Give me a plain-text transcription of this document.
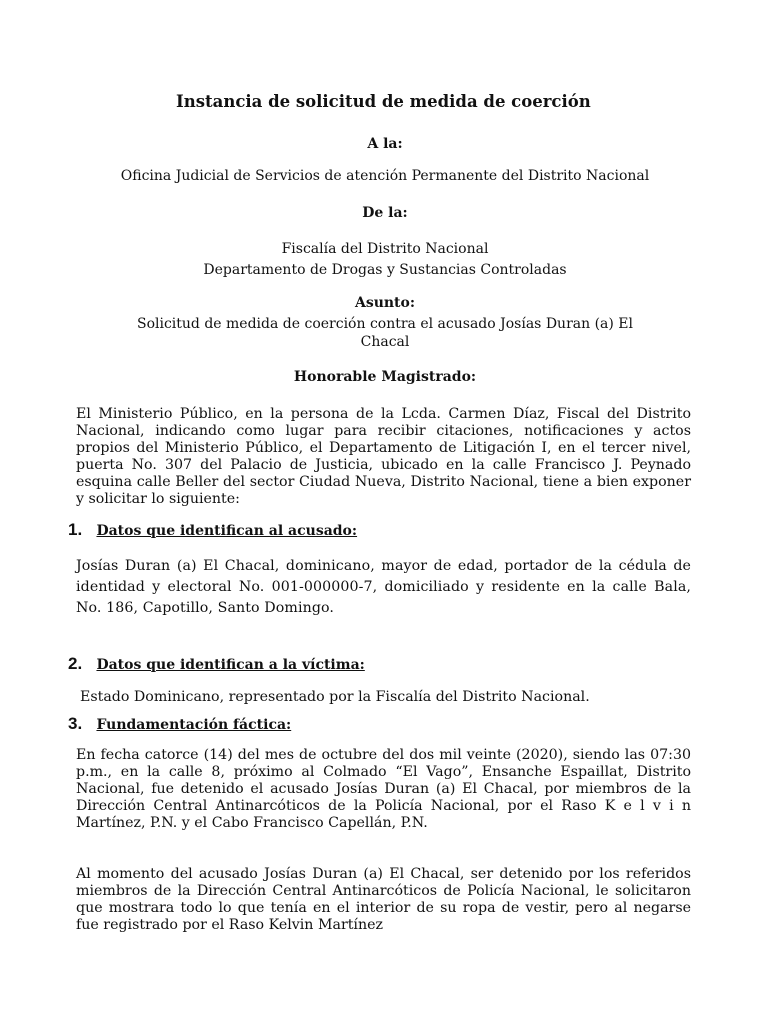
Instancia de solicitud de medida de coerción
A la:
Oficina Judicial de Servicios de atención Permanente del Distrito Nacional
De la:
Fiscalía del Distrito Nacional
Departamento de Drogas y Sustancias Controladas
Asunto:
Solicitud de medida de coerción contra el acusado Josías Duran (a) El
Chacal
Honorable Magistrado:
El Ministerio Público, en la persona de la Lcda. Carmen Díaz, Fiscal del Distrito Nacional, indicando como lugar para recibir citaciones, notificaciones y actos propios del Ministerio Público, el Departamento de Litigación I, en el tercer nivel, puerta No. 307 del Palacio de Justicia, ubicado en la calle Francisco J. Peynado esquina calle Beller del sector Ciudad Nueva, Distrito Nacional, tiene a bien exponer y solicitar lo siguiente:
1. Datos que identifican al acusado:
Josías Duran (a) El Chacal, dominicano, mayor de edad, portador de la cédula de identidad y electoral No. 001-000000-7, domiciliado y residente en la calle Bala, No. 186, Capotillo, Santo Domingo.
2. Datos que identifican a la víctima:
Estado Dominicano, representado por la Fiscalía del Distrito Nacional.
3. Fundamentación fáctica:
En fecha catorce (14) del mes de octubre del dos mil veinte (2020), siendo las 07:30 p.m., en la calle 8, próximo al Colmado “El Vago”, Ensanche Espaillat, Distrito Nacional, fue detenido el acusado Josías Duran (a) El Chacal, por miembros de la Dirección Central Antinarcóticos de la Policía Nacional, por el Raso K e l v i n Martínez, P.N. y el Cabo Francisco Capellán, P.N.
Al momento del acusado Josías Duran (a) El Chacal, ser detenido por los referidos miembros de la Dirección Central Antinarcóticos de Policía Nacional, le solicitaron que mostrara todo lo que tenía en el interior de su ropa de vestir, pero al negarse fue registrado por el Raso Kelvin Martínez
